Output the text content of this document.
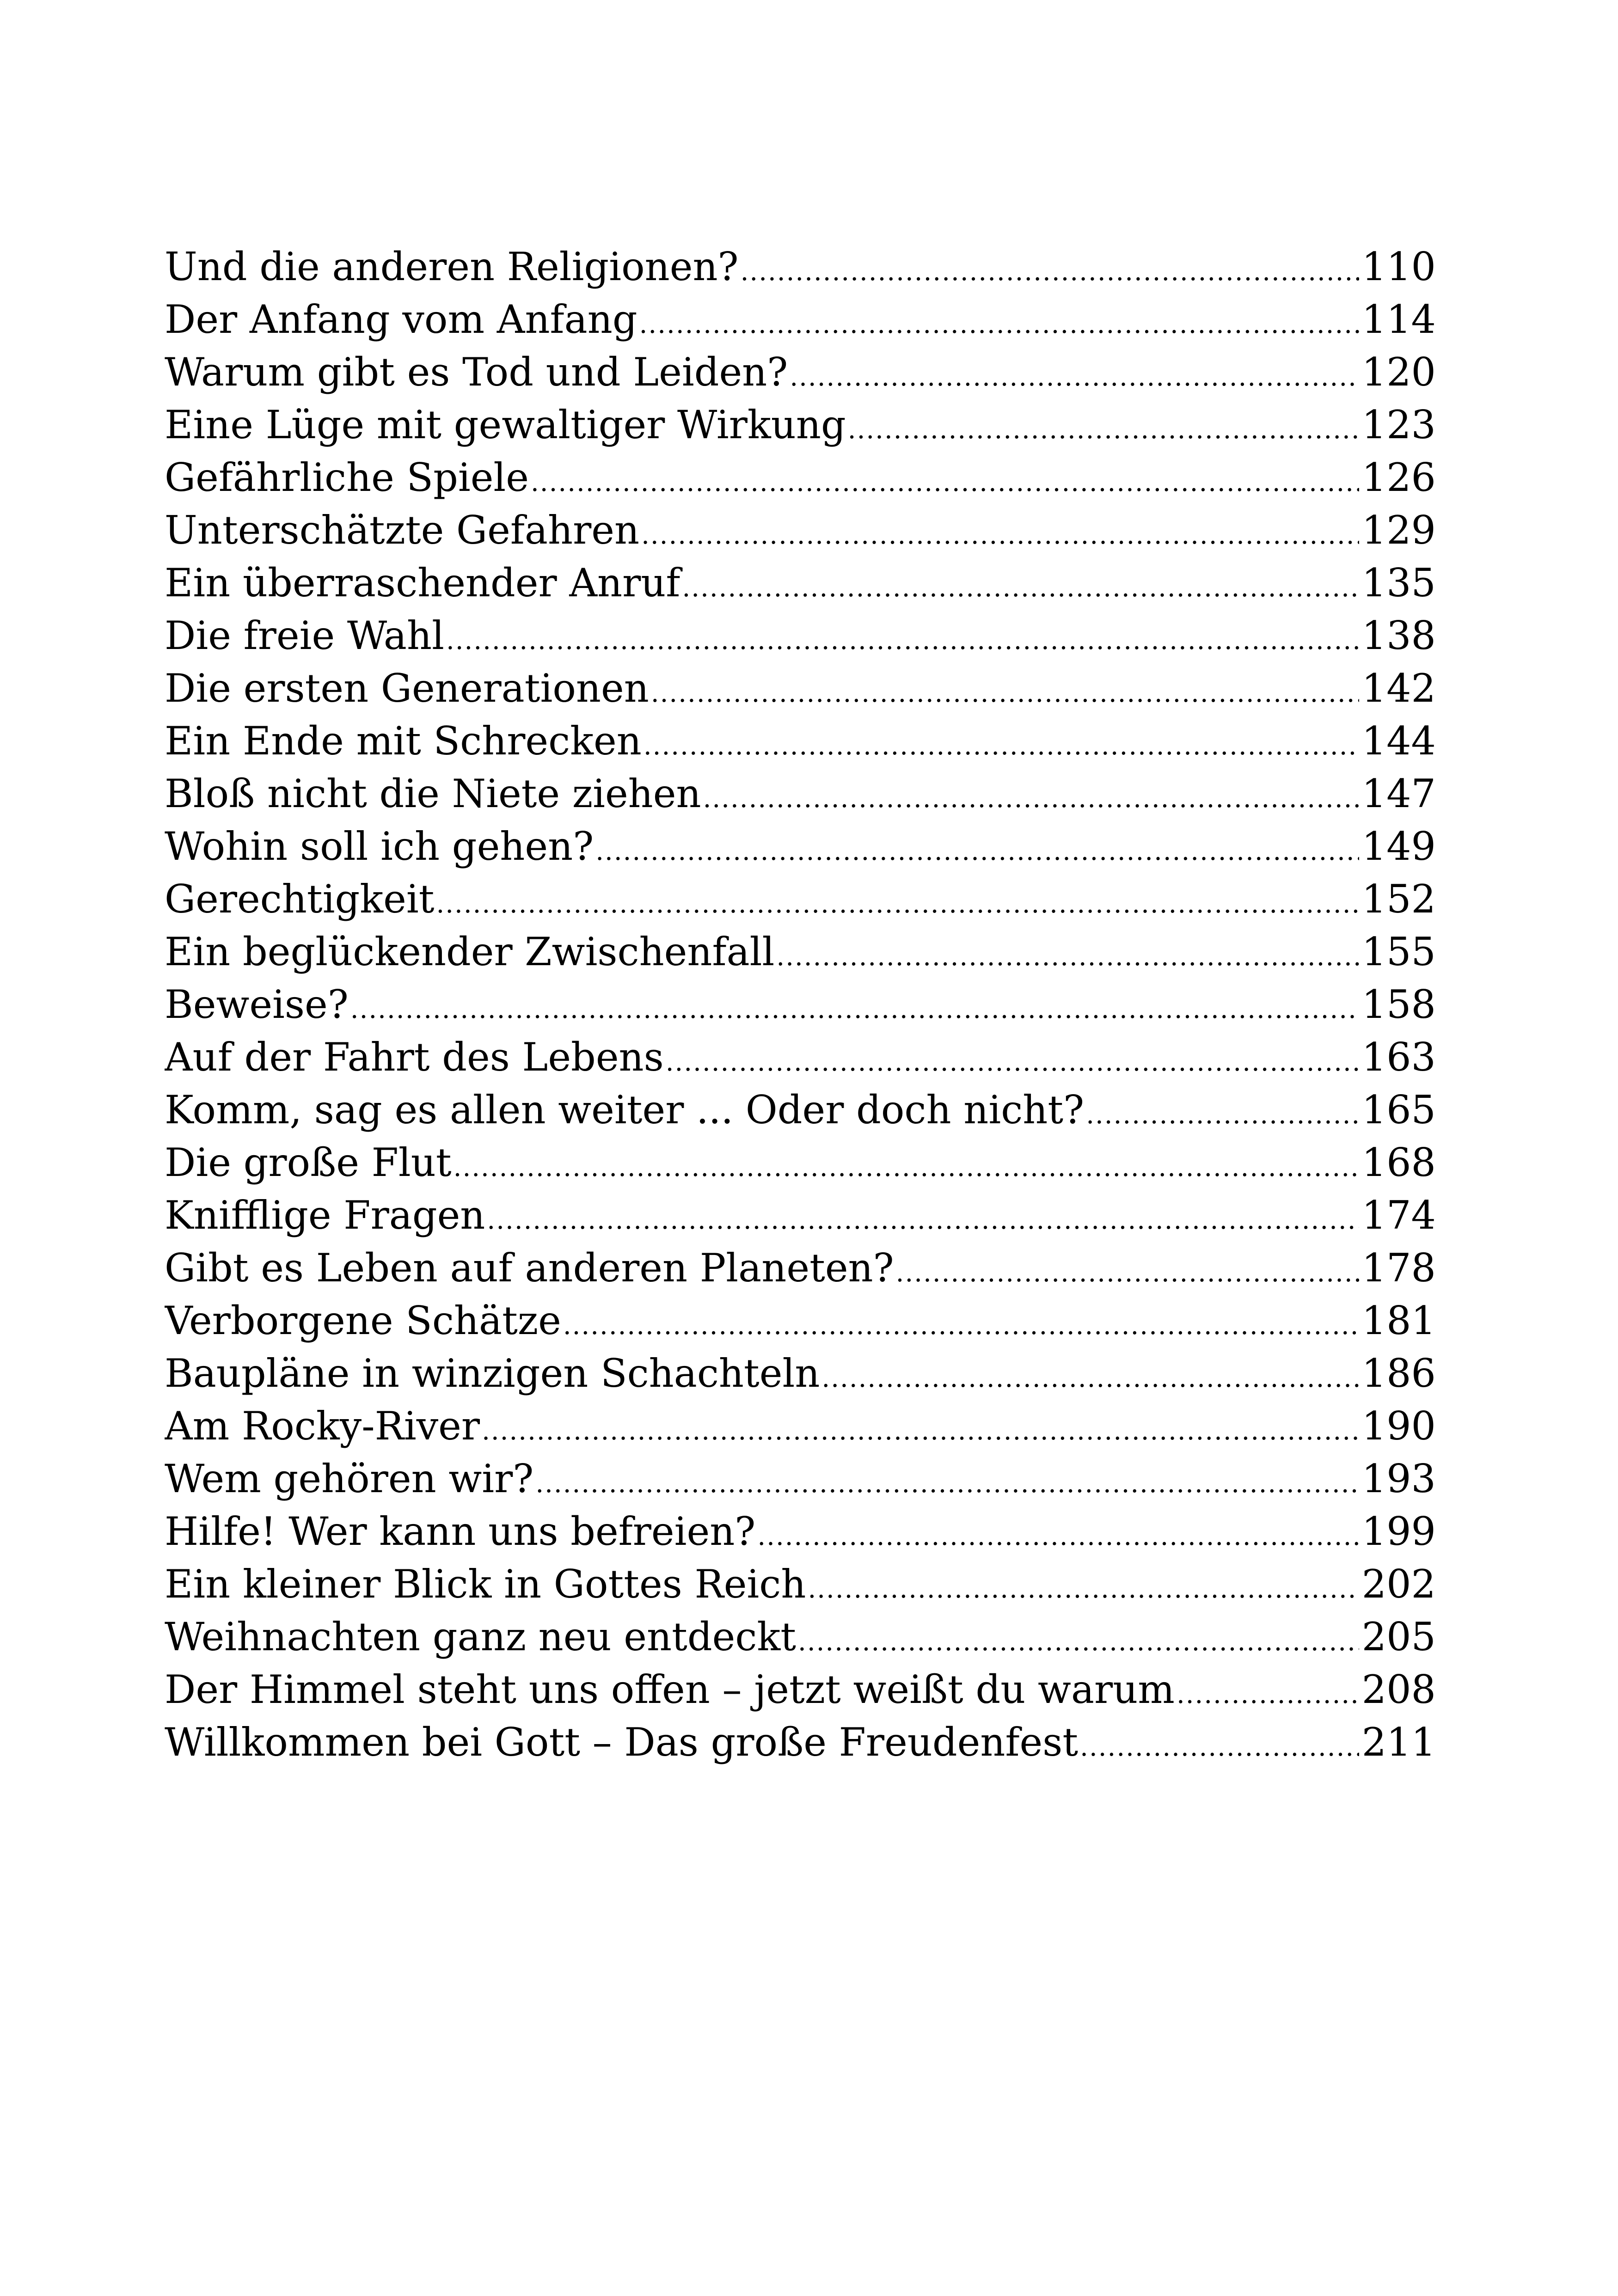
Und die anderen Religionen? .....	110
Der Anfang vom Anfang .....	114
Warum gibt es Tod und Leiden? .....	120
Eine Lüge mit gewaltiger Wirkung .....	123
Gefährliche Spiele .....	126
Unterschätzte Gefahren .....	129
Ein überraschender Anruf .....	135
Die freie Wahl .....	138
Die ersten Generationen .....	142
Ein Ende mit Schrecken .....	144
Bloß nicht die Niete ziehen .....	147
Wohin soll ich gehen? .....	149
Gerechtigkeit .....	152
Ein beglückender Zwischenfall .....	155
Beweise? .....	158
Auf der Fahrt des Lebens .....	163
Komm, sag es allen weiter ... Oder doch nicht? .....	165
Die große Flut .....	168
Knifflige Fragen .....	174
Gibt es Leben auf anderen Planeten? .....	178
Verborgene Schätze .....	181
Baupläne in winzigen Schachteln .....	186
Am Rocky-River .....	190
Wem gehören wir? .....	193
Hilfe! Wer kann uns befreien? .....	199
Ein kleiner Blick in Gottes Reich .....	202
Weihnachten ganz neu entdeckt .....	205
Der Himmel steht uns offen – jetzt weißt du warum .....	208
Willkommen bei Gott – Das große Freudenfest .....	211
